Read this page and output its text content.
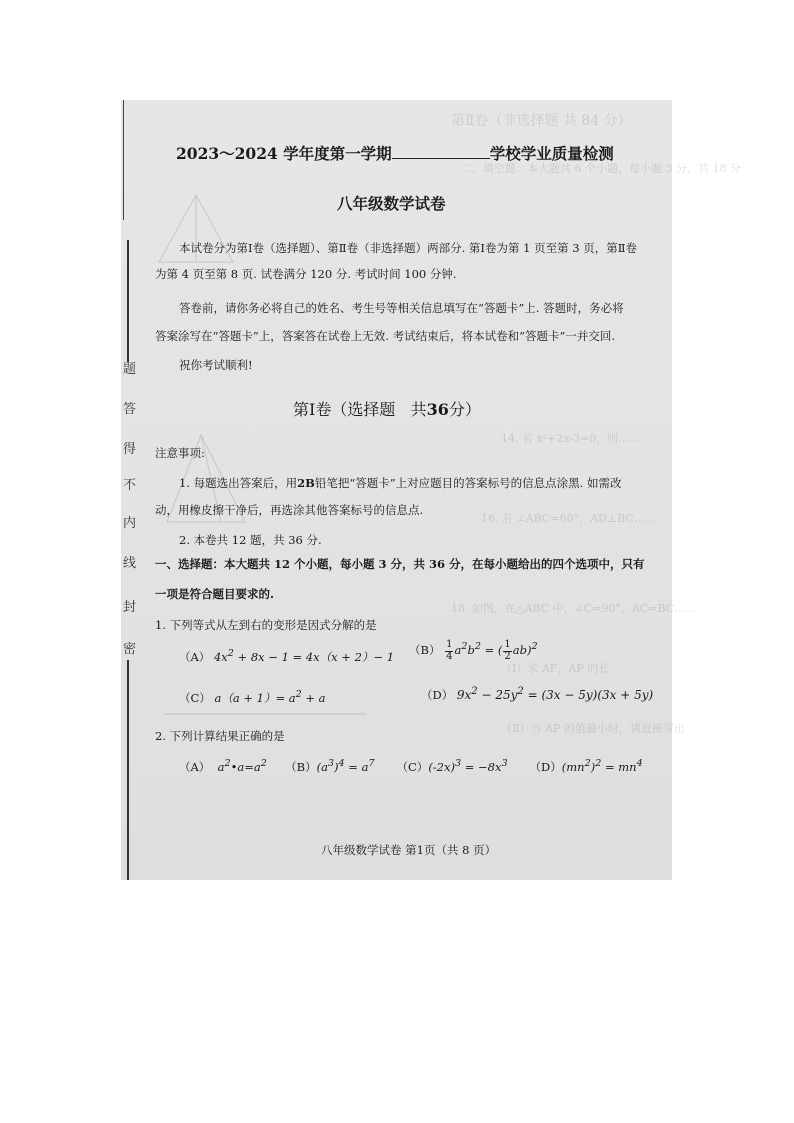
第Ⅱ卷（非选择题 共 84 分）
二、填空题：本大题共 6 个小题，每小题 3 分，共 18 分
14. 若 x²+2x-3=0，则……
16. 若 ∠ABC=60°，AD⊥BC……
18. 如图，在△ABC 中，∠C=90°，AC=BC……
（Ⅰ）求 AF，AP 的长
（Ⅱ）当 AP 的值最小时，请直接写出
题
答
得
不
内
线
封
密
2023～2024 学年度第一学期	学校学业质量检测
八年级数学试卷
本试卷分为第Ⅰ卷（选择题）、第Ⅱ卷（非选择题）两部分. 第Ⅰ卷为第 1 页至第 3 页，第Ⅱ卷
为第 4 页至第 8 页. 试卷满分 120 分. 考试时间 100 分钟.
答卷前，请你务必将自己的姓名、考生号等相关信息填写在“答题卡”上. 答题时，务必将
答案涂写在“答题卡”上，答案答在试卷上无效. 考试结束后，将本试卷和“答题卡”一并交回.
祝你考试顺利!
第Ⅰ卷（选择题 共36分）
注意事项:
1. 每题选出答案后，用2B铅笔把“答题卡”上对应题目的答案标号的信息点涂黑. 如需改
动，用橡皮擦干净后，再选涂其他答案标号的信息点.
2. 本卷共 12 题，共 36 分.
一、选择题：本大题共 12 个小题，每小题 3 分，共 36 分，在每小题给出的四个选项中，只有
一项是符合题目要求的.
1. 下列等式从左到右的变形是因式分解的是
（A） $4x^2 + 8x - 1 = 4x(x + 2)- 1$ $(B) \frac{1}{4} a^2b^2$ = ( $\frac{1}{2} ab)^2$
（C） $a(a + 1)= a^2 + a$	（D） $9x^2 - 25y^2 = (3x - 5y)(3x + 5y)$
2. 下列计算结果正确的是
（A）  $a^2•a=a^2$ $(B)(a^3)^4 = a^7$ $(C)(-2x)^3 = -8x^3$ $(D)(mn^2)^2 = mn^4$
八年级数学试卷 第1页（共 8 页）
